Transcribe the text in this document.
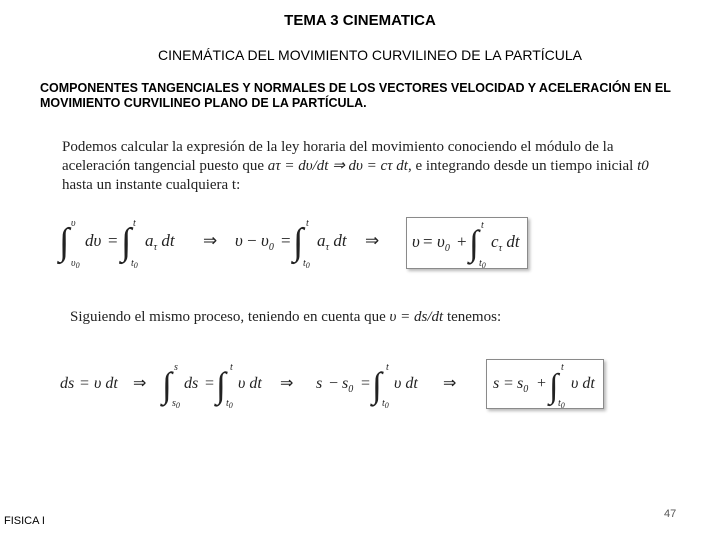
TEMA 3 CINEMATICA
CINEMÁTICA DEL MOVIMIENTO CURVILINEO DE LA PARTÍCULA
COMPONENTES TANGENCIALES Y NORMALES DE LOS VECTORES VELOCIDAD Y ACELERACIÓN EN EL MOVIMIENTO CURVILINEO PLANO DE LA PARTÍCULA.
Podemos calcular la expresión de la ley horaria del movimiento conociendo el módulo de la aceleración tangencial puesto que aτ = dυ/dt ⇒ dυ = cτ dt, e integrando desde un tiempo inicial t0 hasta un instante cualquiera t:
∫ υ
$\upsilon_0$
dυ = ∫ t
$t_0$
$a_\tau$ dt ⇒ $\upsilon - \upsilon_0$ = ∫ t
$t_0$
$a_\tau$ dt ⇒ $\upsilon = \upsilon_0$ + ∫ t
$t_0$
$c_\tau$ dt
Siguiendo el mismo proceso, teniendo en cuenta que υ = ds/dt tenemos:
ds = υ dt ⇒ ∫ s
$s_0$
ds = ∫ t
$t_0$
υ dt ⇒ $s - s_0$ = ∫ t
$t_0$
υ dt ⇒ $s = s_0$ + ∫
t
$t_0$
υ dt
FISICA I
47
